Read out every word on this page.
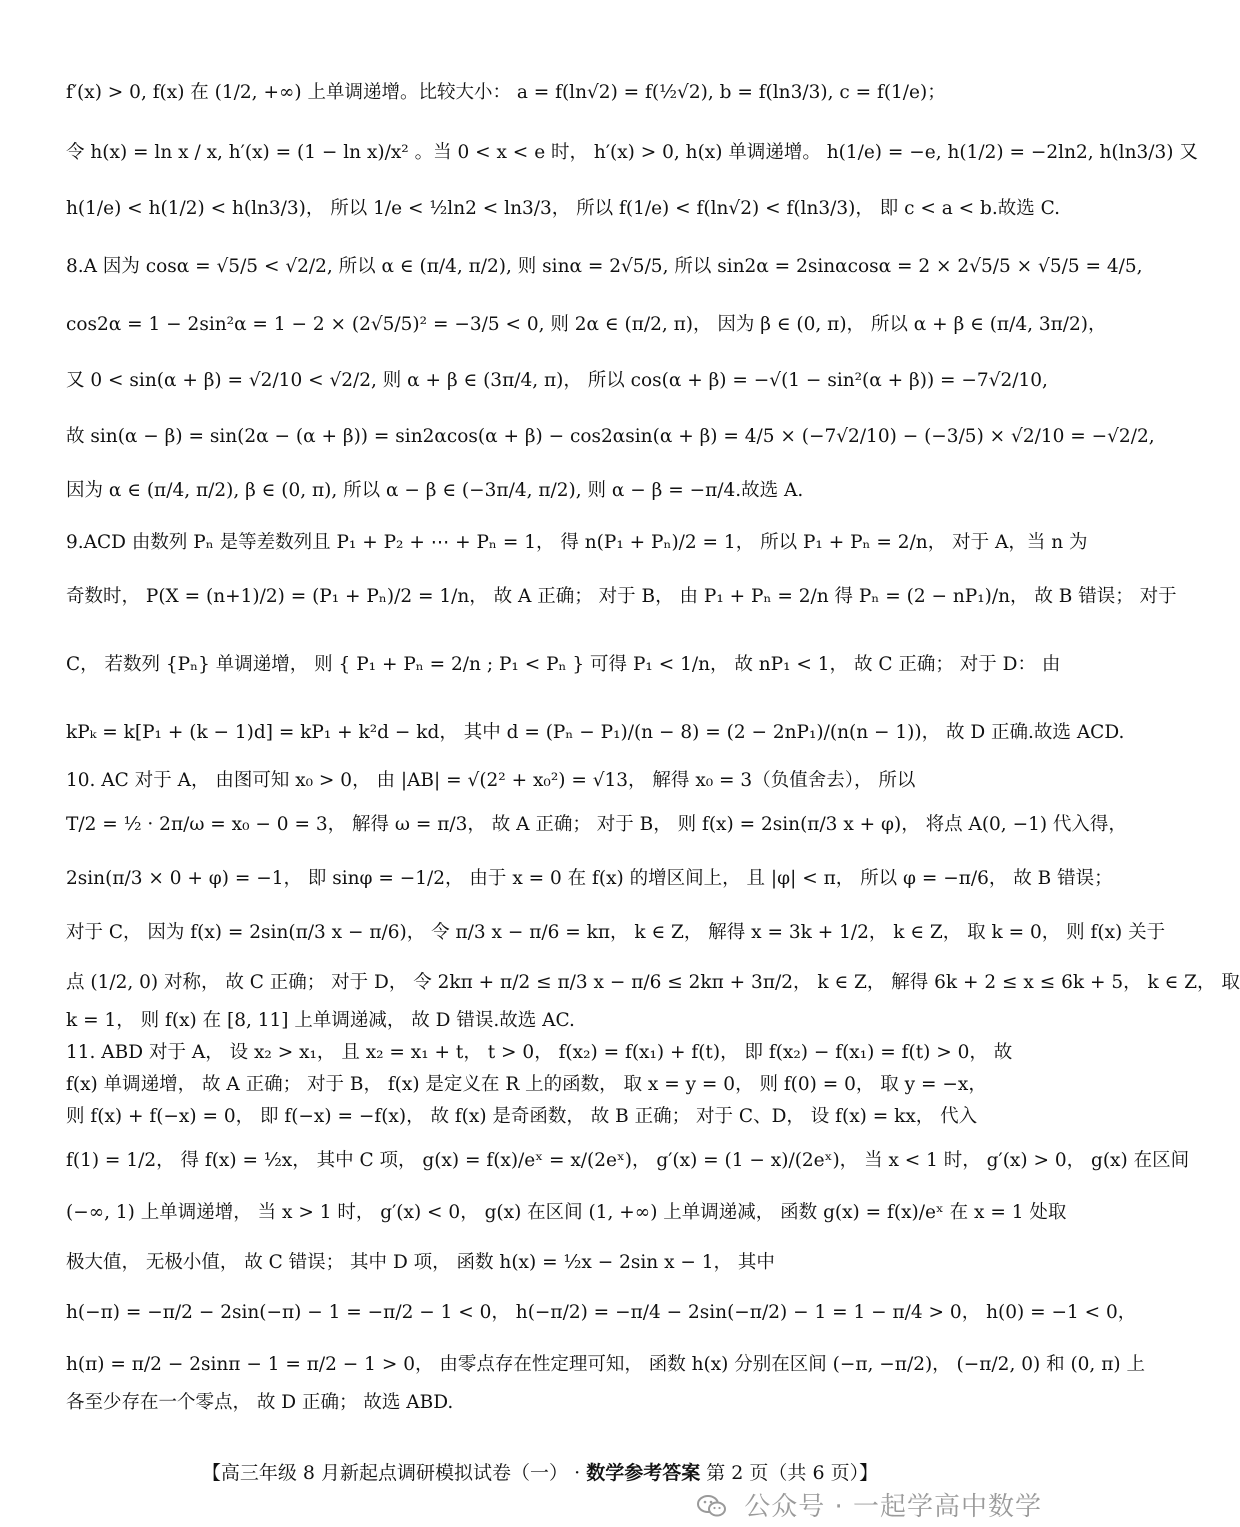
f′(x) > 0, f(x) 在 (1/2, +∞) 上单调递增。比较大小： a = f(ln√2) = f(½√2), b = f(ln3/3), c = f(1/e)；
令 h(x) = ln x / x, h′(x) = (1 − ln x)/x² 。当 0 < x < e 时， h′(x) > 0, h(x) 单调递增。 h(1/e) = −e, h(1/2) = −2ln2, h(ln3/3) 又
h(1/e) < h(1/2) < h(ln3/3)， 所以 1/e < ½ln2 < ln3/3， 所以 f(1/e) < f(ln√2) < f(ln3/3)， 即 c < a < b.故选 C.
8.A 因为 cosα = √5/5 < √2/2, 所以 α ∈ (π/4, π/2), 则 sinα = 2√5/5, 所以 sin2α = 2sinαcosα = 2 × 2√5/5 × √5/5 = 4/5,
cos2α = 1 − 2sin²α = 1 − 2 × (2√5/5)² = −3/5 < 0, 则 2α ∈ (π/2, π)， 因为 β ∈ (0, π)， 所以 α + β ∈ (π/4, 3π/2)，
又 0 < sin(α + β) = √2/10 < √2/2, 则 α + β ∈ (3π/4, π)， 所以 cos(α + β) = −√(1 − sin²(α + β)) = −7√2/10,
故 sin(α − β) = sin(2α − (α + β)) = sin2αcos(α + β) − cos2αsin(α + β) = 4/5 × (−7√2/10) − (−3/5) × √2/10 = −√2/2,
因为 α ∈ (π/4, π/2), β ∈ (0, π), 所以 α − β ∈ (−3π/4, π/2), 则 α − β = −π/4.故选 A.
9.ACD 由数列 Pₙ 是等差数列且 P₁ + P₂ + ⋯ + Pₙ = 1， 得 n(P₁ + Pₙ)/2 = 1， 所以 P₁ + Pₙ = 2/n， 对于 A，当 n 为
奇数时， P(X = (n+1)/2) = (P₁ + Pₙ)/2 = 1/n， 故 A 正确； 对于 B， 由 P₁ + Pₙ = 2/n 得 Pₙ = (2 − nP₁)/n， 故 B 错误； 对于
C， 若数列 {Pₙ} 单调递增， 则 { P₁ + Pₙ = 2/n ; P₁ < Pₙ } 可得 P₁ < 1/n， 故 nP₁ < 1， 故 C 正确； 对于 D： 由
kPₖ = k[P₁ + (k − 1)d] = kP₁ + k²d − kd， 其中 d = (Pₙ − P₁)/(n − 8) = (2 − 2nP₁)/(n(n − 1))， 故 D 正确.故选 ACD.
10. AC 对于 A， 由图可知 x₀ > 0， 由 |AB| = √(2² + x₀²) = √13， 解得 x₀ = 3（负值舍去）， 所以
T/2 = ½ · 2π/ω = x₀ − 0 = 3， 解得 ω = π/3， 故 A 正确； 对于 B， 则 f(x) = 2sin(π/3 x + φ)， 将点 A(0, −1) 代入得，
2sin(π/3 × 0 + φ) = −1， 即 sinφ = −1/2， 由于 x = 0 在 f(x) 的增区间上， 且 |φ| < π， 所以 φ = −π/6， 故 B 错误；
对于 C， 因为 f(x) = 2sin(π/3 x − π/6)， 令 π/3 x − π/6 = kπ， k ∈ Z， 解得 x = 3k + 1/2， k ∈ Z， 取 k = 0， 则 f(x) 关于
点 (1/2, 0) 对称， 故 C 正确； 对于 D， 令 2kπ + π/2 ≤ π/3 x − π/6 ≤ 2kπ + 3π/2， k ∈ Z， 解得 6k + 2 ≤ x ≤ 6k + 5， k ∈ Z， 取
k = 1， 则 f(x) 在 [8, 11] 上单调递减， 故 D 错误.故选 AC.
11. ABD 对于 A， 设 x₂ > x₁， 且 x₂ = x₁ + t， t > 0， f(x₂) = f(x₁) + f(t)， 即 f(x₂) − f(x₁) = f(t) > 0， 故
f(x) 单调递增， 故 A 正确； 对于 B， f(x) 是定义在 R 上的函数， 取 x = y = 0， 则 f(0) = 0， 取 y = −x，
则 f(x) + f(−x) = 0， 即 f(−x) = −f(x)， 故 f(x) 是奇函数， 故 B 正确； 对于 C、D， 设 f(x) = kx， 代入
f(1) = 1/2， 得 f(x) = ½x， 其中 C 项， g(x) = f(x)/eˣ = x/(2eˣ)， g′(x) = (1 − x)/(2eˣ)， 当 x < 1 时， g′(x) > 0， g(x) 在区间
(−∞, 1) 上单调递增， 当 x > 1 时， g′(x) < 0， g(x) 在区间 (1, +∞) 上单调递减， 函数 g(x) = f(x)/eˣ 在 x = 1 处取
极大值， 无极小值， 故 C 错误； 其中 D 项， 函数 h(x) = ½x − 2sin x − 1， 其中
h(−π) = −π/2 − 2sin(−π) − 1 = −π/2 − 1 < 0， h(−π/2) = −π/4 − 2sin(−π/2) − 1 = 1 − π/4 > 0， h(0) = −1 < 0，
h(π) = π/2 − 2sinπ − 1 = π/2 − 1 > 0， 由零点存在性定理可知， 函数 h(x) 分别在区间 (−π, −π/2)， (−π/2, 0) 和 (0, π) 上
各至少存在一个零点， 故 D 正确； 故选 ABD.
【高三年级 8 月新起点调研模拟试卷（一） · 数学参考答案 第 2 页（共 6 页）】
公众号 · 一起学高中数学
